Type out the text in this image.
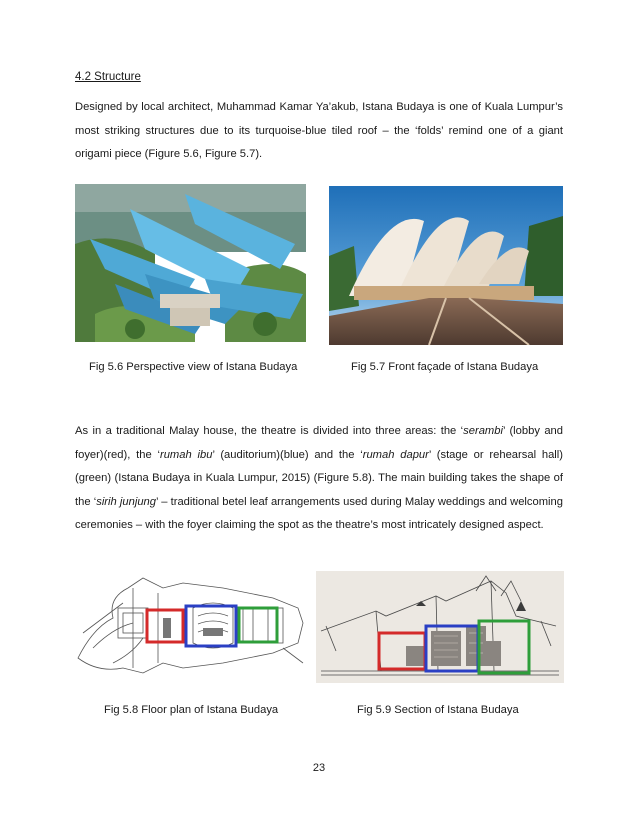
4.2 Structure

Designed by local architect, Muhammad Kamar Ya’akub, Istana Budaya is one of Kuala Lumpur’s most striking structures due to its turquoise-blue tiled roof – the ‘folds’ remind one of a giant origami piece (Figure 5.6, Figure 5.7).

Fig 5.6 Perspective view of Istana Budaya	Fig 5.7 Front façade of Istana Budaya

As in a traditional Malay house, the theatre is divided into three areas: the ‘serambi’ (lobby and foyer)(red), the ‘rumah ibu’ (auditorium)(blue) and the ‘rumah dapur’ (stage or rehearsal hall)(green) (Istana Budaya in Kuala Lumpur, 2015) (Figure 5.8). The main building takes the shape of the ‘sirih junjung’ – traditional betel leaf arrangements used during Malay weddings and welcoming ceremonies – with the foyer claiming the spot as the theatre’s most intricately designed aspect.

Fig 5.8 Floor plan of Istana Budaya	Fig 5.9 Section of Istana Budaya
23
